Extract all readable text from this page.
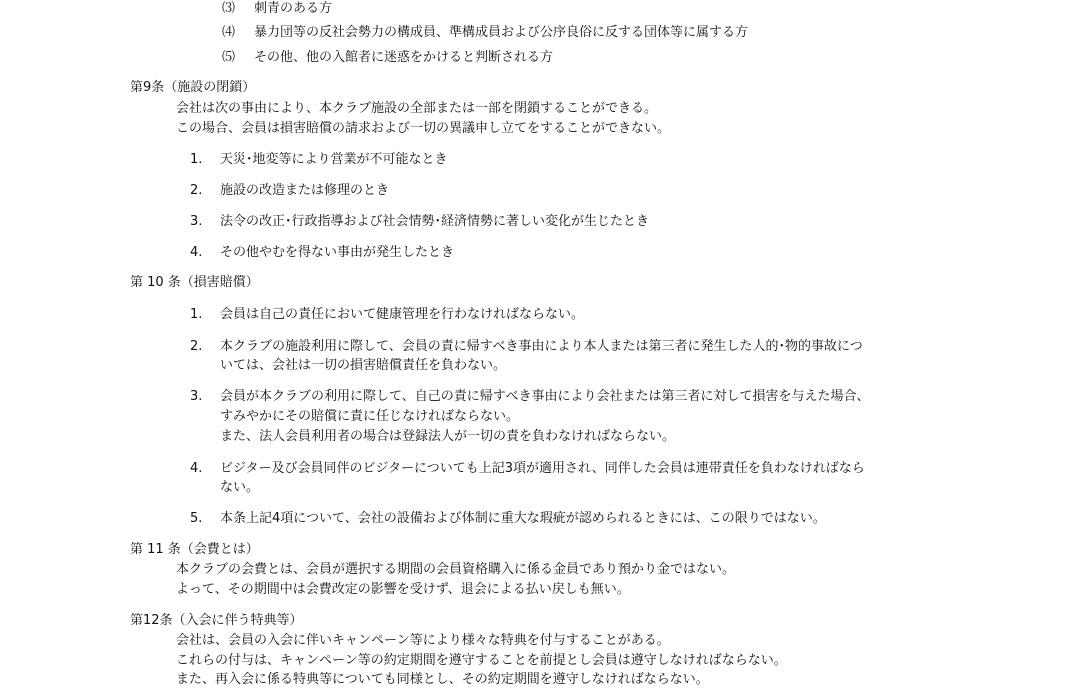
⑶ 刺青のある方
⑷ 暴力団等の反社会勢力の構成員、準構成員および公序良俗に反する団体等に属する方
⑸ その他、他の入館者に迷惑をかけると判断される方
第9条（施設の閉鎖）
会社は次の事由により、本クラブ施設の全部または一部を閉鎖することができる。
この場合、会員は損害賠償の請求および一切の異議申し立てをすることができない。
1. 天災･地変等により営業が不可能なとき
2. 施設の改造または修理のとき
3. 法令の改正･行政指導および社会情勢･経済情勢に著しい変化が生じたとき
4. その他やむを得ない事由が発生したとき
第 10 条（損害賠償）
1. 会員は自己の責任において健康管理を行わなければならない。
2. 本クラブの施設利用に際して、会員の責に帰すべき事由により本人または第三者に発生した人的･物的事故につ
いては、会社は一切の損害賠償責任を負わない。
3. 会員が本クラブの利用に際して、自己の責に帰すべき事由により会社または第三者に対して損害を与えた場合、
すみやかにその賠償に責に任じなければならない。
また、法人会員利用者の場合は登録法人が一切の責を負わなければならない。
4. ビジター及び会員同伴のビジターについても上記3項が適用され、同伴した会員は連帯責任を負わなければなら
ない。
5. 本条上記4項について、会社の設備および体制に重大な瑕疵が認められるときには、この限りではない。
第 11 条（会費とは）
本クラブの会費とは、会員が選択する期間の会員資格購入に係る金員であり預かり金ではない。
よって、その期間中は会費改定の影響を受けず、退会による払い戻しも無い。
第12条（入会に伴う特典等）
会社は、会員の入会に伴いキャンペーン等により様々な特典を付与することがある。
これらの付与は、キャンペーン等の約定期間を遵守することを前提とし会員は遵守しなければならない。
また、再入会に係る特典等についても同様とし、その約定期間を遵守しなければならない。
